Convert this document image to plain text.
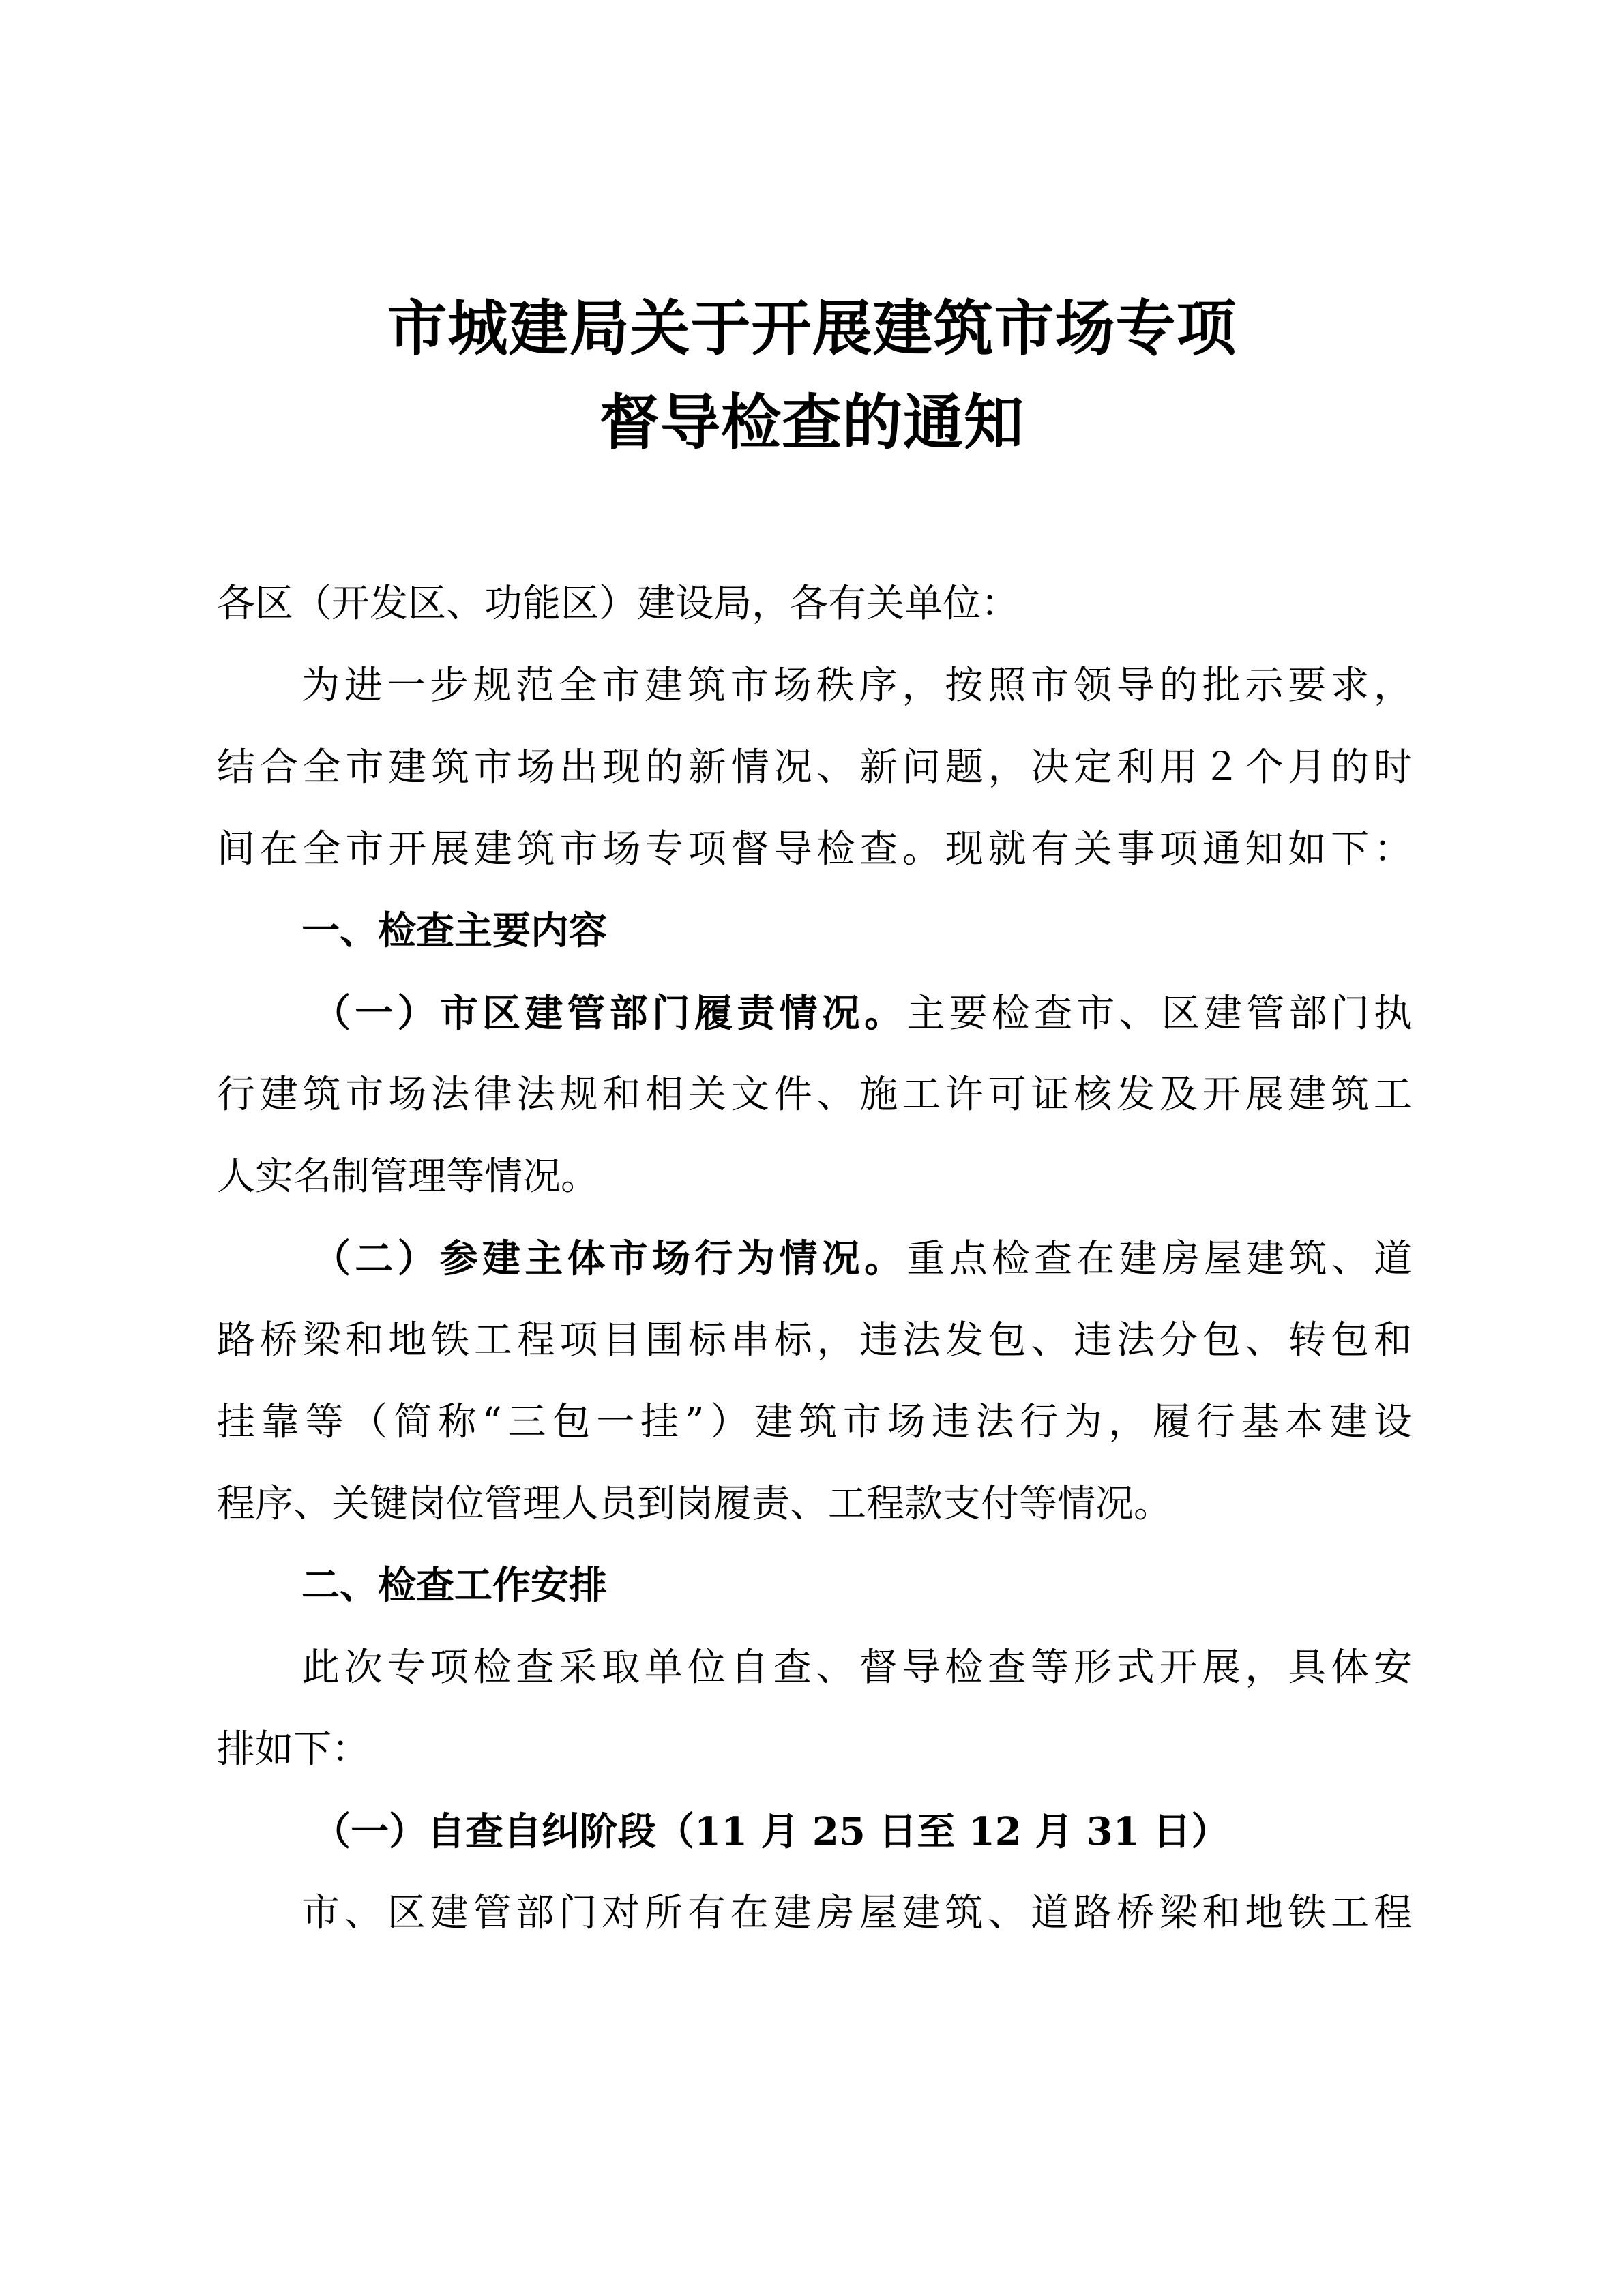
市城建局关于开展建筑市场专项
督导检查的通知
各区（开发区、功能区）建设局，各有关单位：
为进一步规范全市建筑市场秩序，按照市领导的批示要求，
结合全市建筑市场出现的新情况、新问题，决定利用２个月的时
间在全市开展建筑市场专项督导检查。现就有关事项通知如下：
一、检查主要内容
（一）市区建管部门履责情况。主要检查市、区建管部门执
行建筑市场法律法规和相关文件、施工许可证核发及开展建筑工
人实名制管理等情况。
（二）参建主体市场行为情况。重点检查在建房屋建筑、道
路桥梁和地铁工程项目围标串标，违法发包、违法分包、转包和
挂靠等（简称“三包一挂”）建筑市场违法行为，履行基本建设
程序、关键岗位管理人员到岗履责、工程款支付等情况。
二、检查工作安排
此次专项检查采取单位自查、督导检查等形式开展，具体安
排如下：
（一）自查自纠阶段（11 月 25 日至 12 月 31 日）
市、区建管部门对所有在建房屋建筑、道路桥梁和地铁工程
